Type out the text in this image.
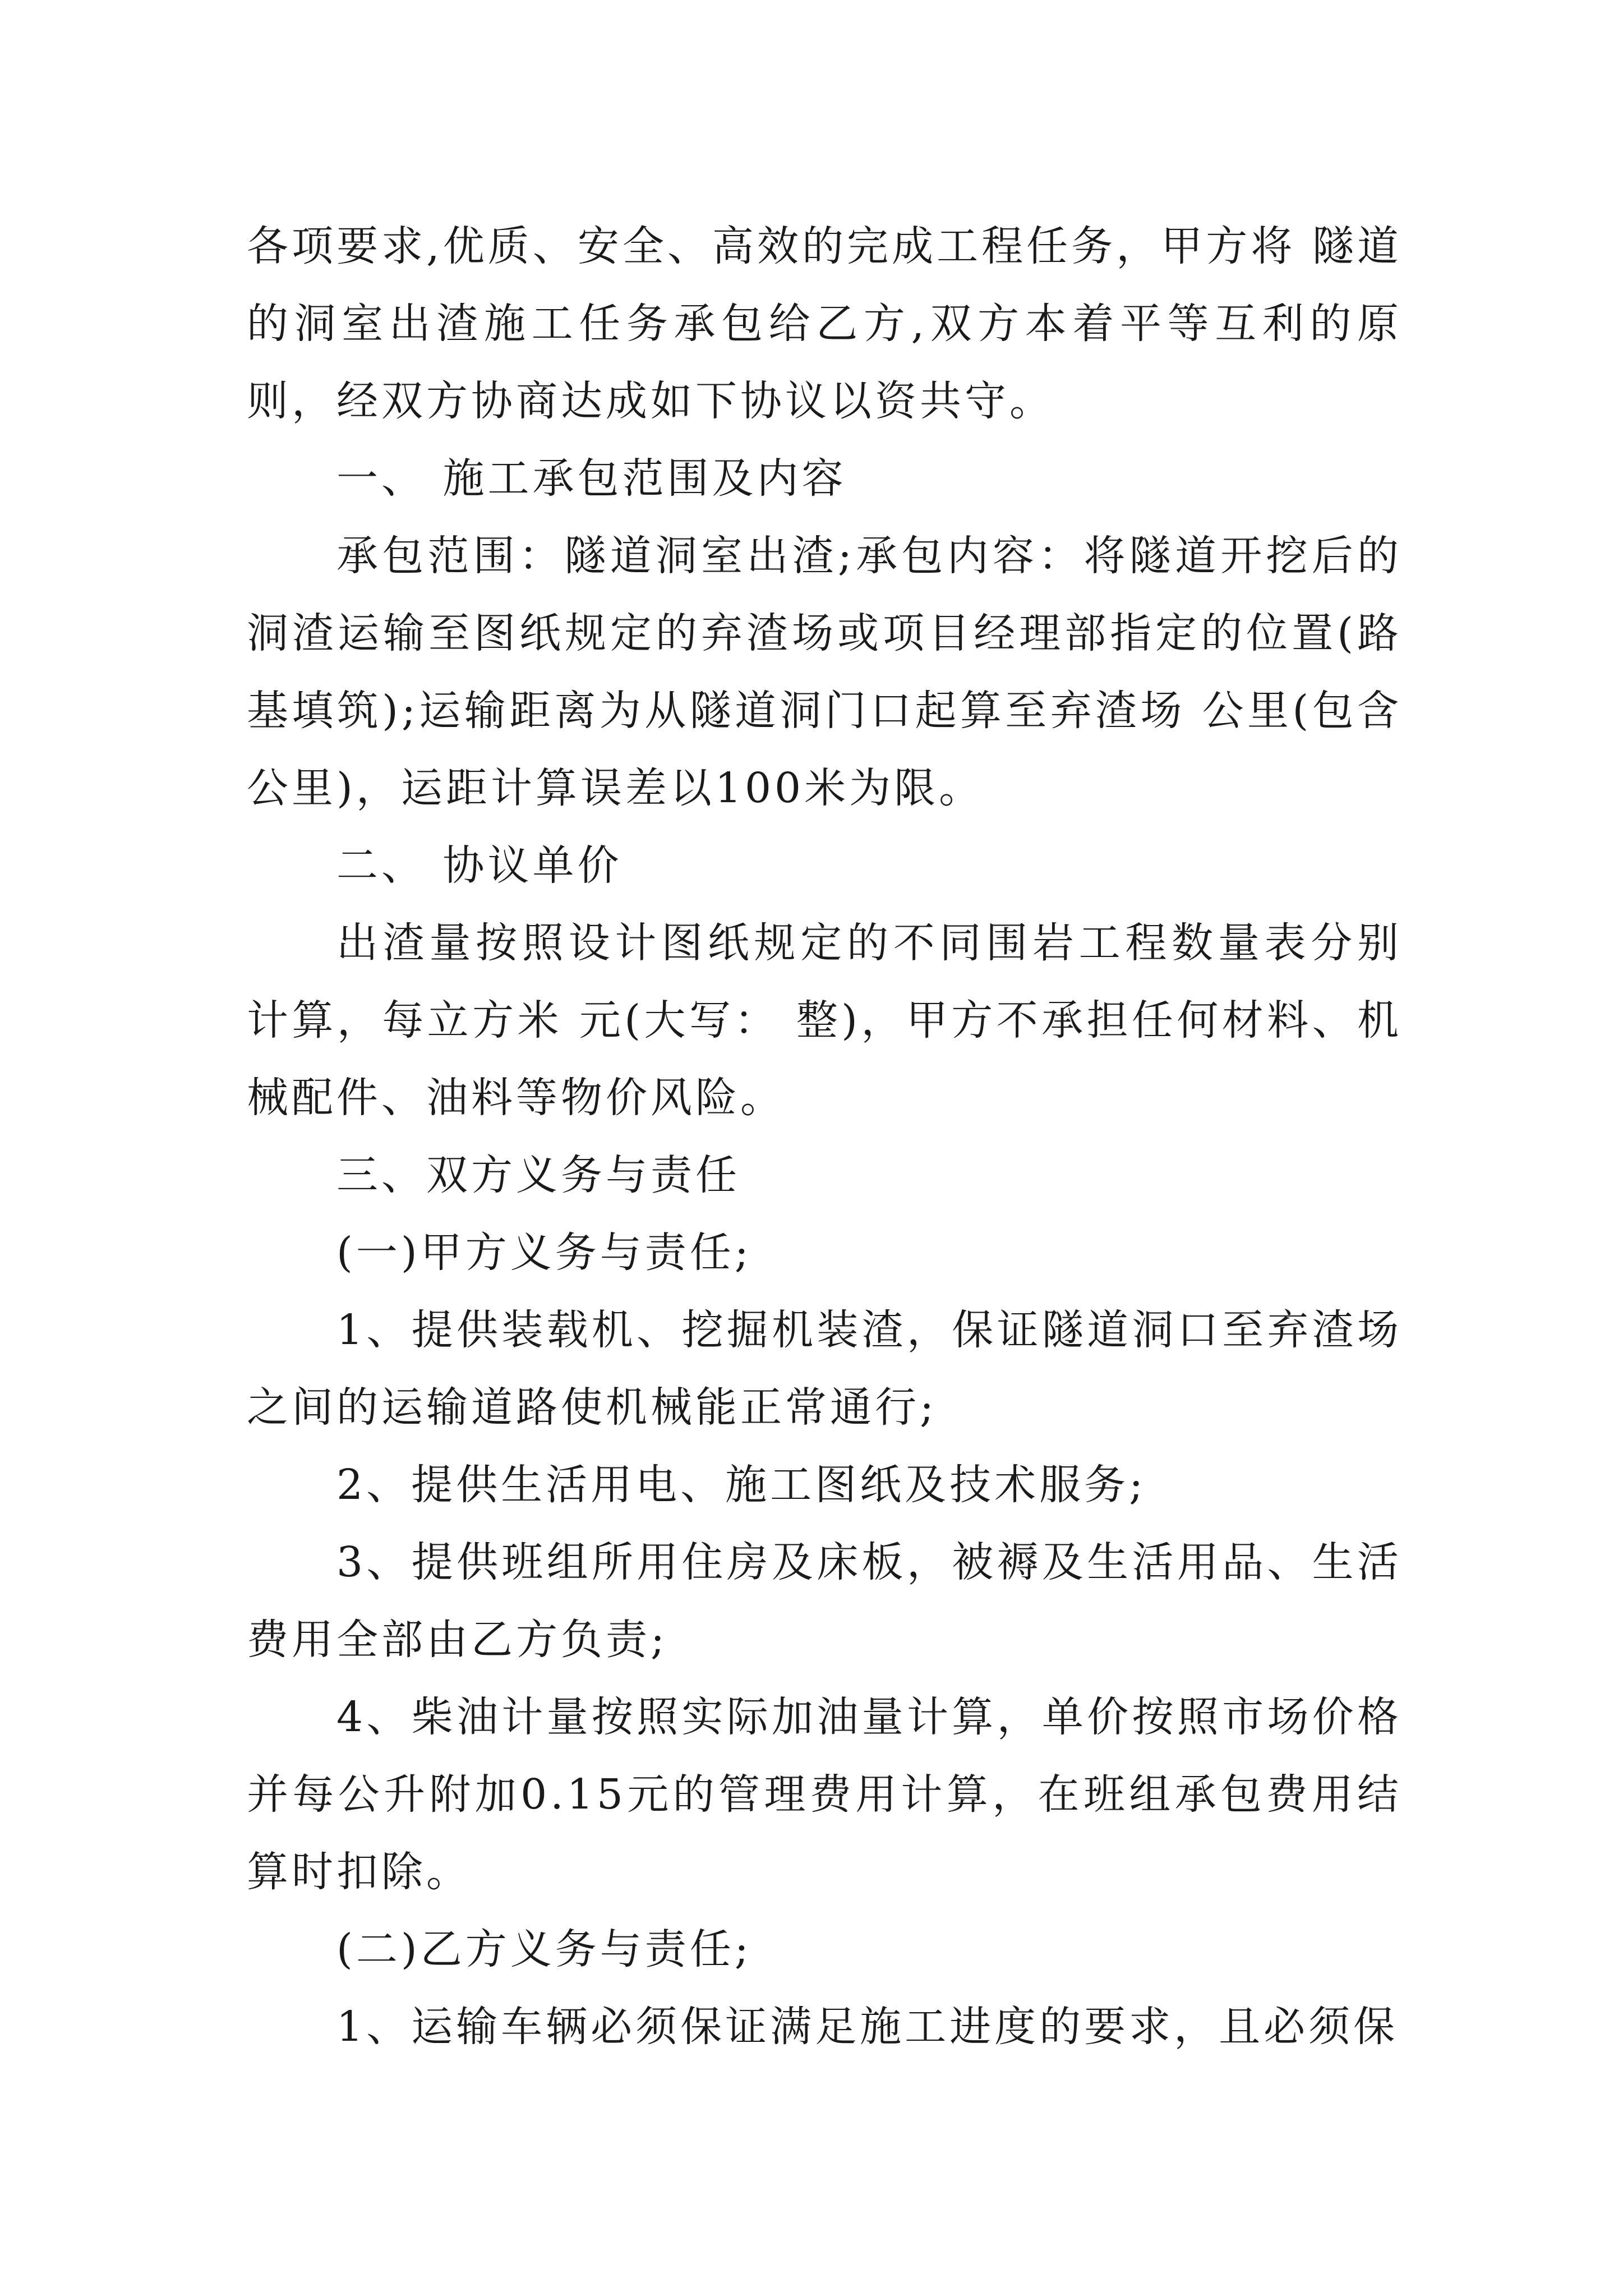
各项要求,优质、安全、高效的完成工程任务，甲方将 隧道的洞室出渣施工任务承包给乙方,双方本着平等互利的原则，经双方协商达成如下协议以资共守。

一、 施工承包范围及内容

承包范围：隧道洞室出渣;承包内容：将隧道开挖后的洞渣运输至图纸规定的弃渣场或项目经理部指定的位置(路基填筑);运输距离为从隧道洞门口起算至弃渣场 公里(包含公里)，运距计算误差以100米为限。

二、 协议单价

出渣量按照设计图纸规定的不同围岩工程数量表分别计算，每立方米 元(大写： 整)，甲方不承担任何材料、机械配件、油料等物价风险。

三、双方义务与责任

(一)甲方义务与责任;

1、提供装载机、挖掘机装渣，保证隧道洞口至弃渣场之间的运输道路使机械能正常通行;

2、提供生活用电、施工图纸及技术服务;

3、提供班组所用住房及床板，被褥及生活用品、生活费用全部由乙方负责;

4、柴油计量按照实际加油量计算，单价按照市场价格并每公升附加0.15元的管理费用计算，在班组承包费用结算时扣除。

(二)乙方义务与责任;

1、运输车辆必须保证满足施工进度的要求，且必须保
